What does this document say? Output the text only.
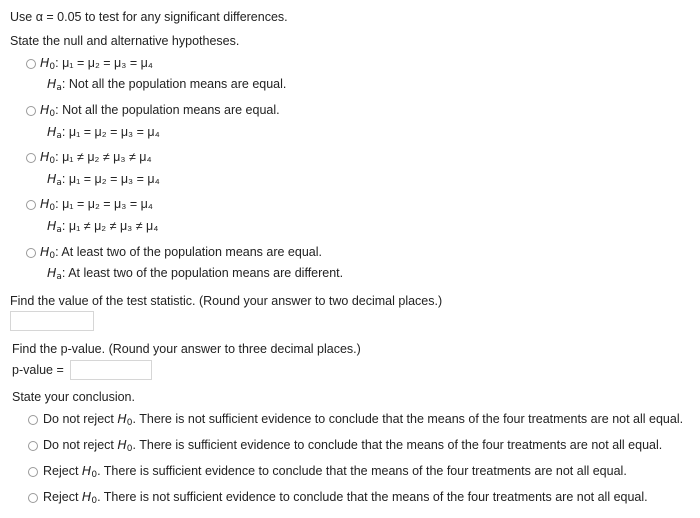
Use α = 0.05 to test for any significant differences.
State the null and alternative hypotheses.
$H_0$: μ₁ = μ₂ = μ₃ = μ₄
$H_a$: Not all the population means are equal.
$H_0$: Not all the population means are equal.
$H_a$: μ₁ = μ₂ = μ₃ = μ₄
$H_0$: μ₁ ≠ μ₂ ≠ μ₃ ≠ μ₄
$H_a$: μ₁ = μ₂ = μ₃ = μ₄
$H_0$: μ₁ = μ₂ = μ₃ = μ₄
$H_a$: μ₁ ≠ μ₂ ≠ μ₃ ≠ μ₄
$H_0$: At least two of the population means are equal.
$H_a$: At least two of the population means are different.
Find the value of the test statistic. (Round your answer to two decimal places.)
Find the p-value. (Round your answer to three decimal places.)
p-value =
State your conclusion.
Do not reject $H_0$. There is not sufficient evidence to conclude that the means of the four treatments are not all equal.
Do not reject $H_0$. There is sufficient evidence to conclude that the means of the four treatments are not all equal.
Reject $H_0$. There is sufficient evidence to conclude that the means of the four treatments are not all equal.
Reject $H_0$. There is not sufficient evidence to conclude that the means of the four treatments are not all equal.
